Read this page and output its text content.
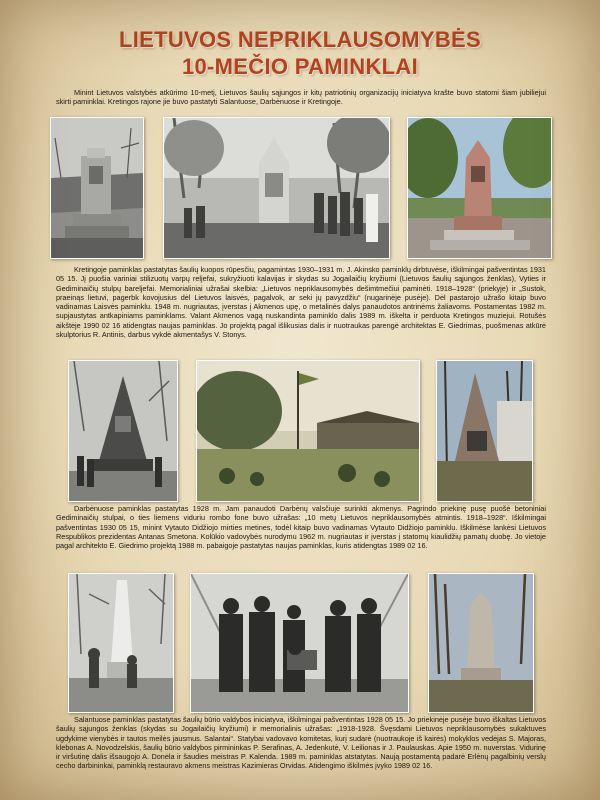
LIETUVOS NEPRIKLAUSOMYBĖS
10-MEČIO PAMINKLAI

Minint Lietuvos valstybės atkūrimo 10-metį, Lietuvos šaulių sąjungos ir kitų patriotinių organizacijų iniciatyva krašte buvo statomi šiam jubiliejui skirti paminklai. Kretingos rajone jie buvo pastatyti Salantuose, Darbėnuose ir Kretingoje.

Kretingoje paminklas pastatytas šaulių kuopos rūpesčiu, pagamintas 1930–1931 m. J. Akinsko paminklų dirbtuvėse, iškilmingai pašventintas 1931 05 15. Jį puošia variniai stilizuotų varpų reljefai, sukryžiuoti kalavijas ir skydas su Jogailaičių kryžiumi (Lietuvos šaulių sąjungos ženklas), Vyties ir Gediminaičių stulpų bareljefai. Memorialiniai užrašai skelbia: „Lietuvos nepriklausomybės dešimtmečiui paminėti. 1918–1928“ (priekyje) ir „Sustok, praeinąs lietuvi, pagerbk kovojusius dėl Lietuvos laisvės, pagalvok, ar seki jų pavyzdžiu“ (nugarinėje pusėje). Dėl pastarojo užrašo kitaip buvo vadinamas Laisvės paminklu. 1948 m. nugriautas, įverstas į Akmenos upę, o metalinės dalys panaudotos antrinėms žaliavoms. Postamentas 1982 m. supjaustytas antkapiniams paminklams. Valant Akmenos vagą nuskandinta paminklo dalis 1989 m. iškelta ir perduota Kretingos muziejui. Rotušės aikštėje 1990 02 16 atidengtas naujas paminklas. Jo projektą pagal išlikusias dalis ir nuotraukas parengė architektas E. Giedrimas, puošmenas atkūrė skulptorius R. Antinis, darbus vykdė akmentašys V. Stonys.

Darbėnuose paminklas pastatytas 1928 m. Jam panaudoti Darbėnų valsčiuje surinkti akmenys. Pagrindo priekinę pusę puošė betoniniai Gediminaičių stulpai, o ties liemens viduriu rombo fone buvo užrašas: „10 metų Lietuvos nepriklausomybės atmintis. 1918–1928“. Iškilmingai pašventintas 1930 05 15, minint Vytauto Didžiojo mirties metines, todėl kitaip buvo vadinamas Vytauto Didžiojo paminklu. Iškilmėse lankėsi Lietuvos Respublikos prezidentas Antanas Smetona. Kolūkio vadovybės nurodymu 1962 m. nugriautas ir įverstas į statomų kiaulidžių pamatų duobę. Jo vietoje pagal architekto E. Giedrimo projektą 1988 m. pabaigoje pastatytas naujas paminklas, kuris atidengtas 1989 02 16.

Salantuose paminklas pastatytas šaulių būrio valdybos iniciatyva, iškilmingai pašventintas 1928 05 15. Jo priekinėje pusėje buvo iškaltas Lietuvos šaulių sąjungos ženklas (skydas su Jogailaičių kryžiumi) ir memorialinis užrašas: „1918-1928. Švęsdami Lietuvos nepriklausomybės sukaktuves ugdykime vienybės ir tautos meilės jausmus. Salantai“. Statybai vadovavo komitetas, kurį sudarė (nuotraukoje iš kairės) mokyklos vedėjas S. Majoras, klebonas A. Novodzelskis, šaulių būrio valdybos pirmininkas P. Serafinas, A. Jedenkutė, V. Leilionas ir J. Paulauskas. Apie 1950 m. nuverstas. Vidurinę ir viršutinę dalis išsaugojo A. Donėla ir šaudies meistras P. Kalenda. 1989 m. paminklas atstatytas. Naują postamentą padarė Erlėnų pagalbinių verslų cecho darbininkai, paminklą restauravo akmens meistras Kazimieras Orvidas. Atidengimo iškilmės įvyko 1989 02 16.
